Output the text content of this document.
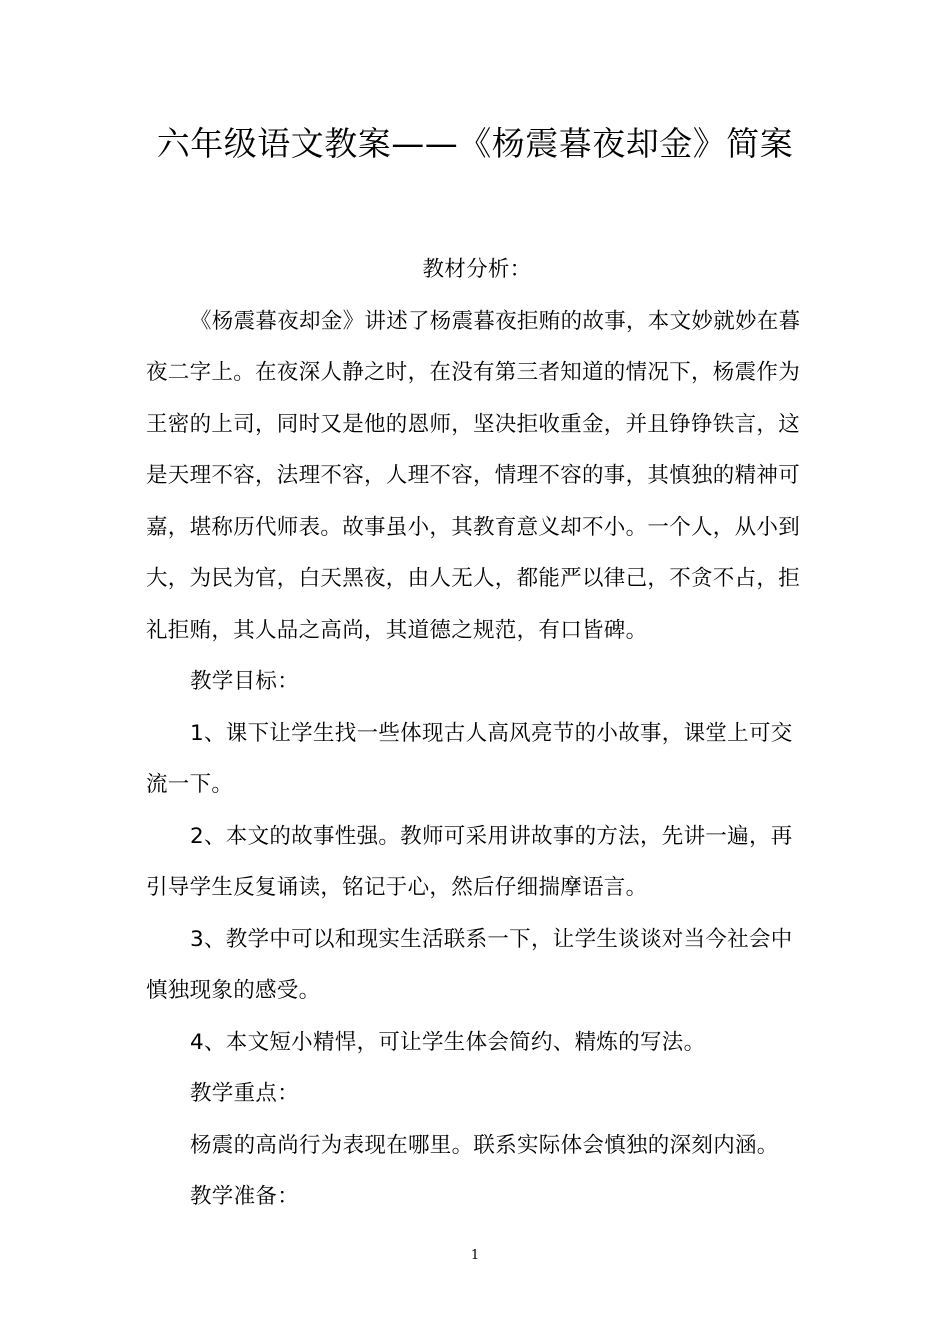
六年级语文教案——《杨震暮夜却金》简案

教材分析：

《杨震暮夜却金》讲述了杨震暮夜拒贿的故事，本文妙就妙在暮夜二字上。在夜深人静之时，在没有第三者知道的情况下，杨震作为王密的上司，同时又是他的恩师，坚决拒收重金，并且铮铮铁言，这是天理不容，法理不容，人理不容，情理不容的事，其慎独的精神可嘉，堪称历代师表。故事虽小，其教育意义却不小。一个人，从小到大，为民为官，白天黑夜，由人无人，都能严以律己，不贪不占，拒礼拒贿，其人品之高尚，其道德之规范，有口皆碑。

教学目标：

1、课下让学生找一些体现古人高风亮节的小故事，课堂上可交流一下。

2、本文的故事性强。教师可采用讲故事的方法，先讲一遍，再引导学生反复诵读，铭记于心，然后仔细揣摩语言。

3、教学中可以和现实生活联系一下，让学生谈谈对当今社会中慎独现象的感受。

4、本文短小精悍，可让学生体会简约、精炼的写法。

教学重点：

杨震的高尚行为表现在哪里。联系实际体会慎独的深刻内涵。

教学准备：

1
